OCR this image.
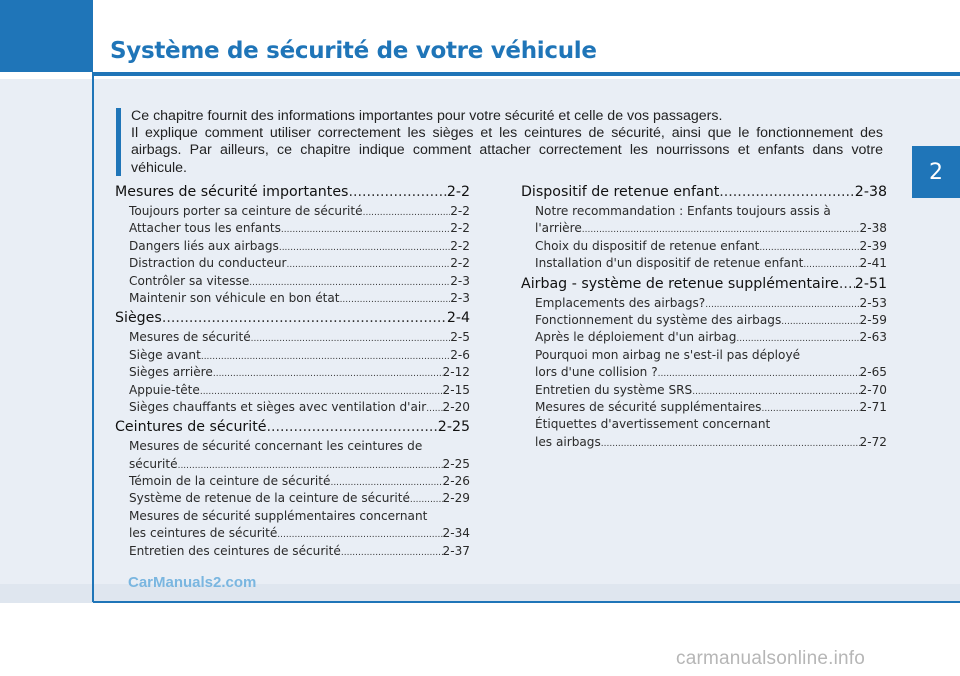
Système de sécurité de votre véhicule
2

Ce chapitre fournit des informations importantes pour votre sécurité et celle de vos passagers.

Il explique comment utiliser correctement les sièges et les ceintures de sécurité, ainsi que le fonctionnement des airbags. Par ailleurs, ce chapitre indique comment attacher correctement les nourrissons et enfants dans votre véhicule.

Mesures de sécurité importantes .....	2-2
Toujours porter sa ceinture de sécurité .....	2-2
Attacher tous les enfants .....	2-2
Dangers liés aux airbags .....	2-2
Distraction du conducteur .....	2-2
Contrôler sa vitesse .....	2-3
Maintenir son véhicule en bon état .....	2-3
Sièges .....	2-4
Mesures de sécurité .....	2-5
Siège avant .....	2-6
Sièges arrière .....	2-12
Appuie-tête .....	2-15
Sièges chauffants et sièges avec ventilation d'air ..... 2-20
Ceintures de sécurité .....	2-25
Mesures de sécurité concernant les ceintures de
sécurité .....	2-25
Témoin de la ceinture de sécurité .....	2-26
Système de retenue de la ceinture de sécurité .....	2-29
Mesures de sécurité supplémentaires concernant
les ceintures de sécurité .....	2-34
Entretien des ceintures de sécurité .....	2-37
Dispositif de retenue enfant .....	2-38
Notre recommandation : Enfants toujours assis à
l'arrière .....	2-38
Choix du dispositif de retenue enfant .....	2-39
Installation d'un dispositif de retenue enfant .....	2-41
Airbag - système de retenue supplémentaire ..... 2-51
Emplacements des airbags? .....	2-53
Fonctionnement du système des airbags .....	2-59
Après le déploiement d'un airbag .....	2-63
Pourquoi mon airbag ne s'est-il pas déployé
lors d'une collision ? .....	2-65
Entretien du système SRS .....	2-70
Mesures de sécurité supplémentaires .....	2-71
Étiquettes d'avertissement concernant
les airbags .....	2-72
CarManuals2.com
carmanualsonline.info
